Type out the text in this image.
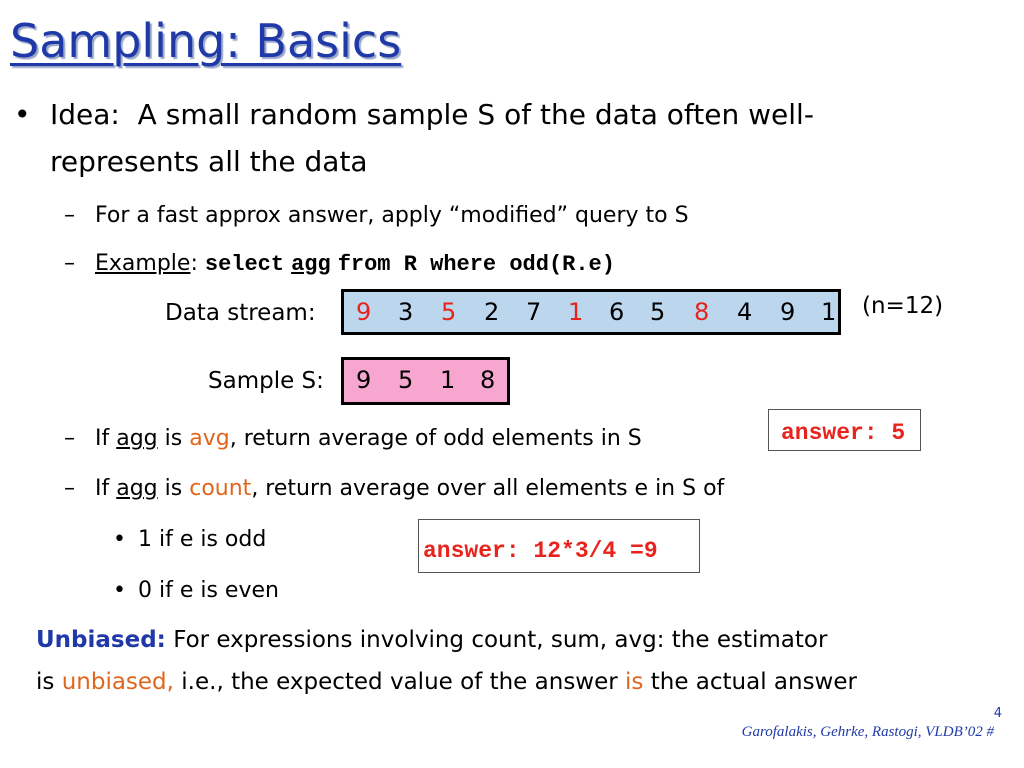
Sampling: Basics
• Idea: A small random sample S of the data often well-
represents all the data
– For a fast approx answer, apply “modified” query to S
– Example: select agg from R where odd(R.e)
Data stream: 9 3 5 2 7 1 6 5 8 4 9 1 (n=12)
Sample S: 9 5 1 8
– If agg is avg, return average of odd elements in S	answer: 5
– If agg is count, return average over all elements e in S of
• 1 if e is odd
• 0 if e is even
answer: 12*3/4 =9
Unbiased: For expressions involving count, sum, avg: the estimator
is unbiased, i.e., the expected value of the answer is the actual answer
4
Garofalakis, Gehrke, Rastogi, VLDB’02 #
